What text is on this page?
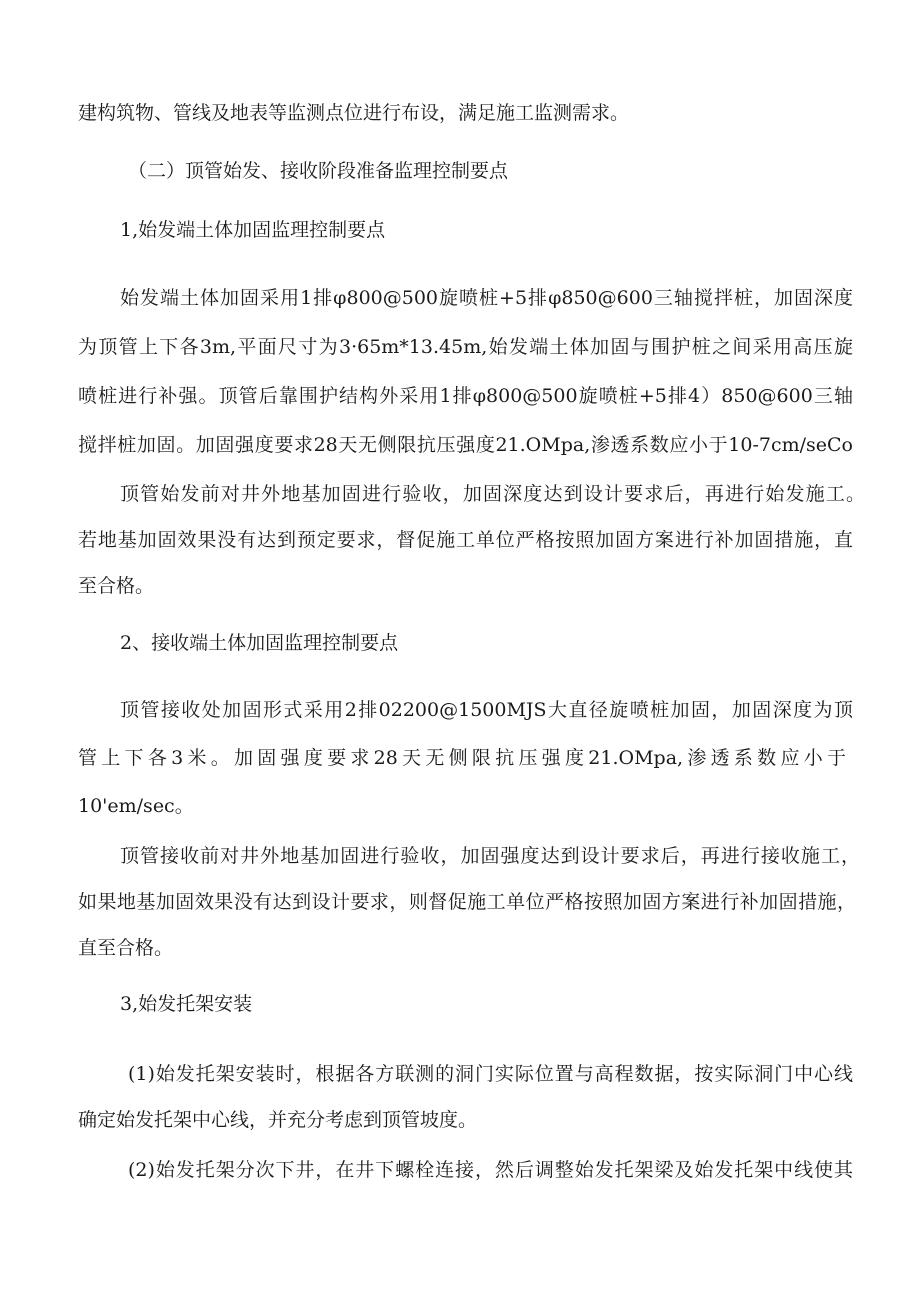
建构筑物、管线及地表等监测点位进行布设，满足施工监测需求。

（二）顶管始发、接收阶段准备监理控制要点

1,始发端土体加固监理控制要点

始发端土体加固采用1排φ800@500旋喷桩+5排φ850@600三轴搅拌桩，加固深度

为顶管上下各3m,平面尺寸为3·65m*13.45m,始发端土体加固与围护桩之间采用高压旋

喷桩进行补强。顶管后靠围护结构外采用1排φ800@500旋喷桩+5排4）850@600三轴

搅拌桩加固。加固强度要求28天无侧限抗压强度21.OMpa,渗透系数应小于10-7cm/seCo

顶管始发前对井外地基加固进行验收，加固深度达到设计要求后，再进行始发施工。

若地基加固效果没有达到预定要求，督促施工单位严格按照加固方案进行补加固措施，直

至合格。

2、接收端土体加固监理控制要点

顶管接收处加固形式采用2排02200@1500MJS大直径旋喷桩加固，加固深度为顶

管上下各3米。加固强度要求28天无侧限抗压强度21.OMpa,渗透系数应小于

10'em/sec。

顶管接收前对井外地基加固进行验收，加固强度达到设计要求后，再进行接收施工，

如果地基加固效果没有达到设计要求，则督促施工单位严格按照加固方案进行补加固措施，

直至合格。

3,始发托架安装

(1)始发托架安装时，根据各方联测的洞门实际位置与高程数据，按实际洞门中心线

确定始发托架中心线，并充分考虑到顶管坡度。

(2)始发托架分次下井，在井下螺栓连接，然后调整始发托架梁及始发托架中线使其
